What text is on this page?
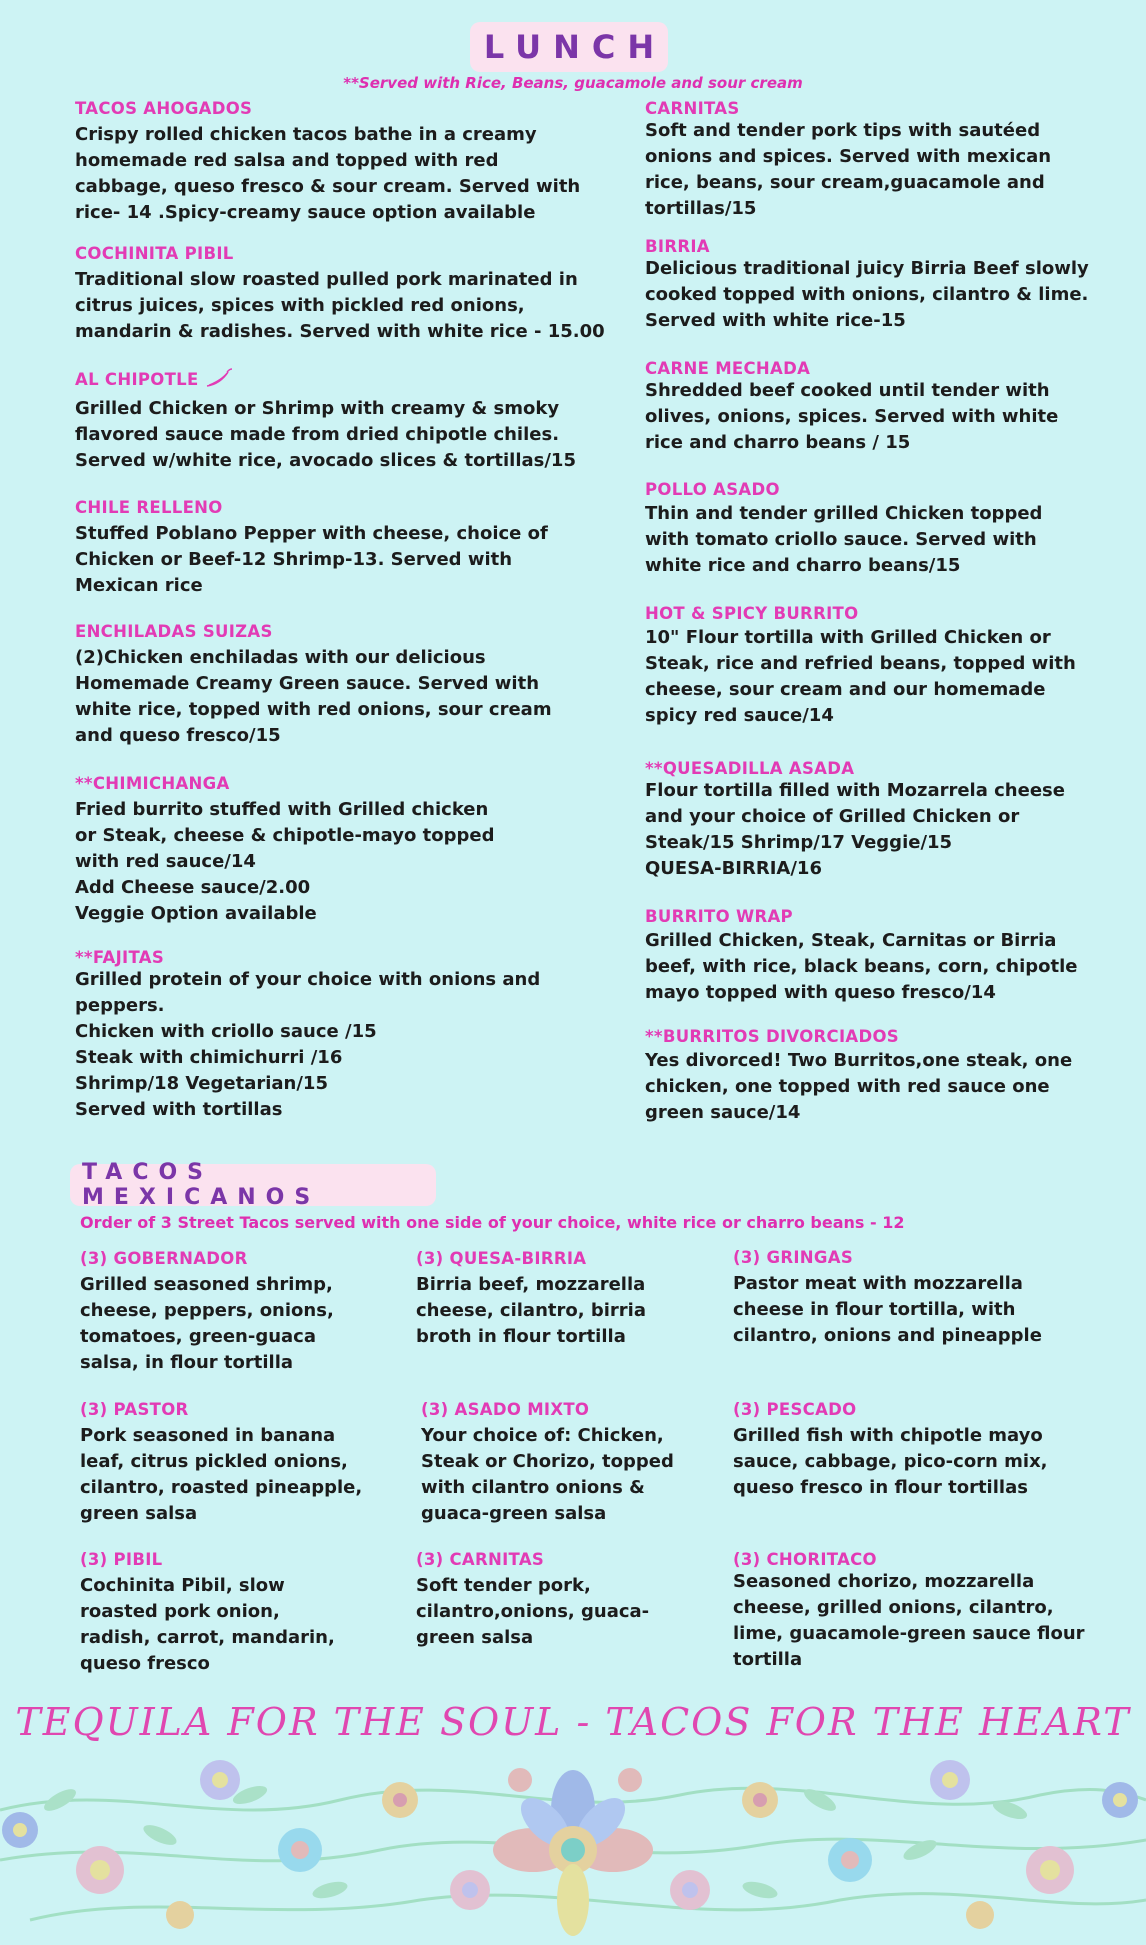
LUNCH
**Served with Rice, Beans, guacamole and sour cream
TACOS AHOGADOS
Crispy rolled chicken tacos bathe in a creamy
homemade red salsa and topped with red
cabbage, queso fresco & sour cream. Served with
rice- 14 .Spicy-creamy sauce option available
COCHINITA PIBIL
Traditional slow roasted pulled pork marinated in
citrus juices, spices with pickled red onions,
mandarin & radishes. Served with white rice - 15.00
AL CHIPOTLE
Grilled Chicken or Shrimp with creamy & smoky
flavored sauce made from dried chipotle chiles.
Served w/white rice, avocado slices & tortillas/15
CHILE RELLENO
Stuffed Poblano Pepper with cheese, choice of
Chicken or Beef-12 Shrimp-13. Served with
Mexican rice
ENCHILADAS SUIZAS
(2)Chicken enchiladas with our delicious
Homemade Creamy Green sauce. Served with
white rice, topped with red onions, sour cream
and queso fresco/15
**CHIMICHANGA
Fried burrito stuffed with Grilled chicken
or Steak, cheese & chipotle-mayo topped
with red sauce/14
Add Cheese sauce/2.00
Veggie Option available
**FAJITAS
Grilled protein of your choice with onions and
peppers.
Chicken with criollo sauce /15
Steak with chimichurri /16
Shrimp/18 Vegetarian/15
Served with tortillas
CARNITAS
Soft and tender pork tips with sautéed
onions and spices. Served with mexican
rice, beans, sour cream,guacamole and
tortillas/15
BIRRIA
Delicious traditional juicy Birria Beef slowly
cooked topped with onions, cilantro & lime.
Served with white rice-15
CARNE MECHADA
Shredded beef cooked until tender with
olives, onions, spices. Served with white
rice and charro beans / 15
POLLO ASADO
Thin and tender grilled Chicken topped
with tomato criollo sauce. Served with
white rice and charro beans/15
HOT & SPICY BURRITO
10" Flour tortilla with Grilled Chicken or
Steak, rice and refried beans, topped with
cheese, sour cream and our homemade
spicy red sauce/14
**QUESADILLA ASADA
Flour tortilla filled with Mozarrela cheese
and your choice of Grilled Chicken or
Steak/15 Shrimp/17 Veggie/15
QUESA-BIRRIA/16
BURRITO WRAP
Grilled Chicken, Steak, Carnitas or Birria
beef, with rice, black beans, corn, chipotle
mayo topped with queso fresco/14
**BURRITOS DIVORCIADOS
Yes divorced! Two Burritos,one steak, one
chicken, one topped with red sauce one
green sauce/14
TACOS MEXICANOS
Order of 3 Street Tacos served with one side of your choice, white rice or charro beans - 12
(3) GOBERNADOR
Grilled seasoned shrimp,
cheese, peppers, onions,
tomatoes, green-guaca
salsa, in flour tortilla
(3) QUESA-BIRRIA
Birria beef, mozzarella
cheese, cilantro, birria
broth in flour tortilla
(3) GRINGAS
Pastor meat with mozzarella
cheese in flour tortilla, with
cilantro, onions and pineapple
(3) PASTOR
Pork seasoned in banana
leaf, citrus pickled onions,
cilantro, roasted pineapple,
green salsa
(3) ASADO MIXTO
Your choice of: Chicken,
Steak or Chorizo, topped
with cilantro onions &
guaca-green salsa
(3) PESCADO
Grilled fish with chipotle mayo
sauce, cabbage, pico-corn mix,
queso fresco in flour tortillas
(3) PIBIL
Cochinita Pibil, slow
roasted pork onion,
radish, carrot, mandarin,
queso fresco
(3) CARNITAS
Soft tender pork,
cilantro,onions, guaca-
green salsa
(3) CHORITACO
Seasoned chorizo, mozzarella
cheese, grilled onions, cilantro,
lime, guacamole-green sauce flour
tortilla
TEQUILA FOR THE SOUL - TACOS FOR THE HEART
